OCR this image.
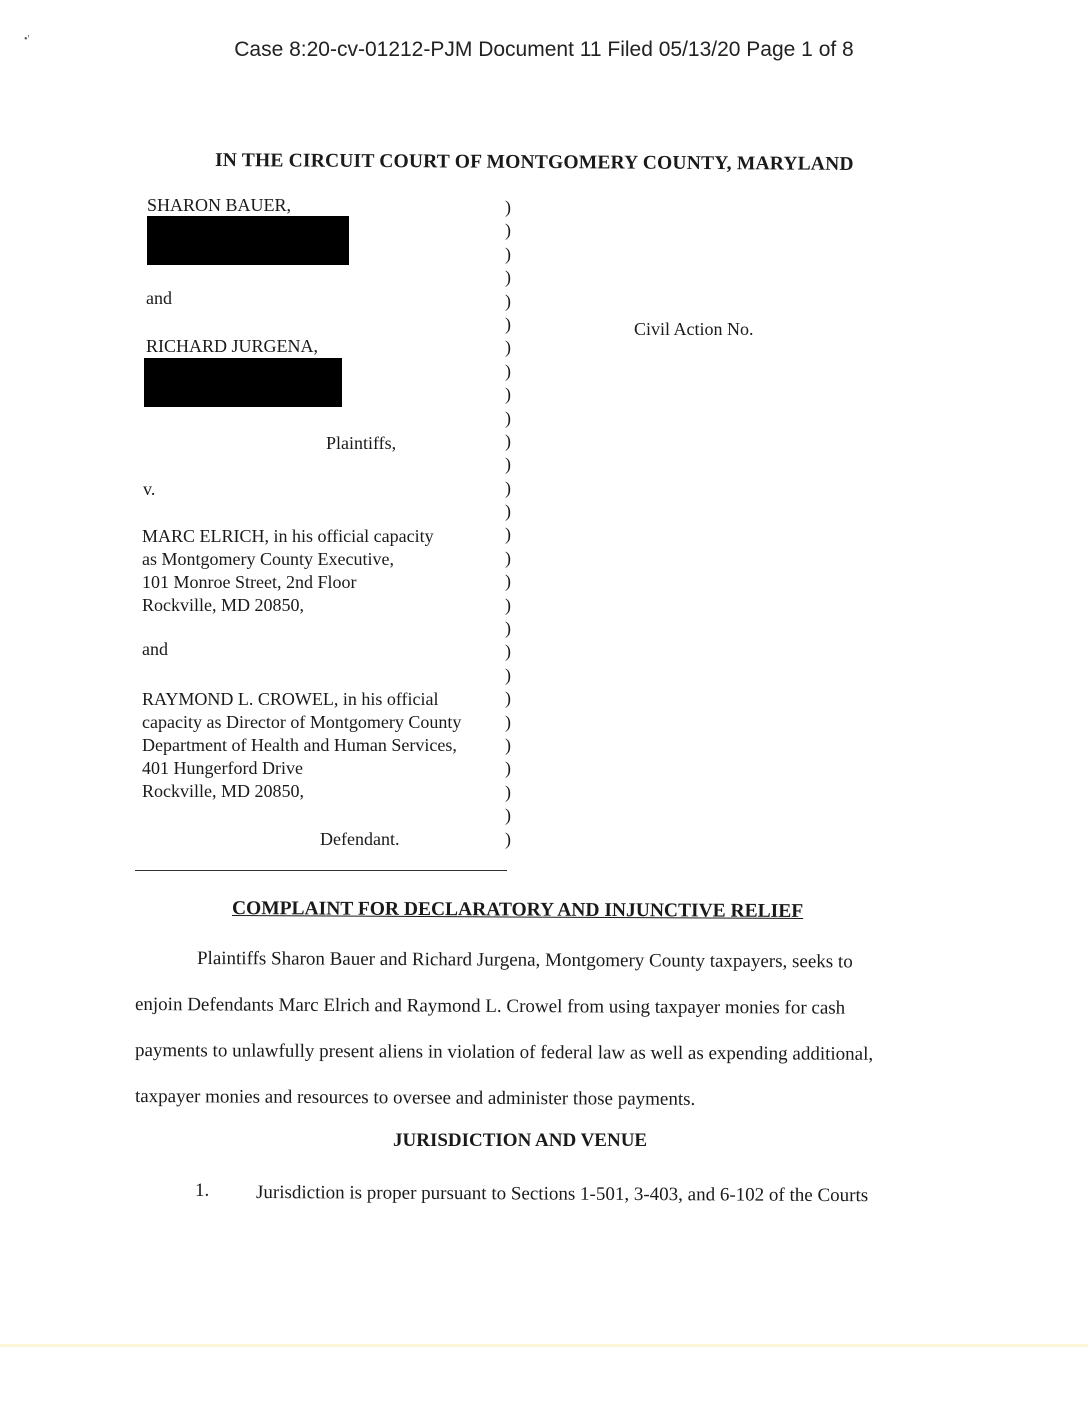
•'	Case 8:20-cv-01212-PJM Document 11 Filed 05/13/20 Page 1 of 8
IN THE CIRCUIT COURT OF MONTGOMERY COUNTY, MARYLAND
SHARON BAUER,
and
RICHARD JURGENA,
Plaintiffs,
v.
MARC ELRICH, in his official capacity
as Montgomery County Executive,
101 Monroe Street, 2nd Floor
Rockville, MD 20850,
and
RAYMOND L. CROWEL, in his official
capacity as Director of Montgomery County
Department of Health and Human Services,
401 Hungerford Drive
Rockville, MD 20850,
Defendant.
)
)
)
)
)
)
)
)
)
)
)
)
)
)
)
)
)
)
)
)
)
)
)
)
)
)
)
)
Civil Action No.
COMPLAINT FOR DECLARATORY AND INJUNCTIVE RELIEF
Plaintiffs Sharon Bauer and Richard Jurgena, Montgomery County taxpayers, seeks to
enjoin Defendants Marc Elrich and Raymond L. Crowel from using taxpayer monies for cash
payments to unlawfully present aliens in violation of federal law as well as expending additional,
taxpayer monies and resources to oversee and administer those payments.
JURISDICTION AND VENUE
1. Jurisdiction is proper pursuant to Sections 1-501, 3-403, and 6-102 of the Courts
